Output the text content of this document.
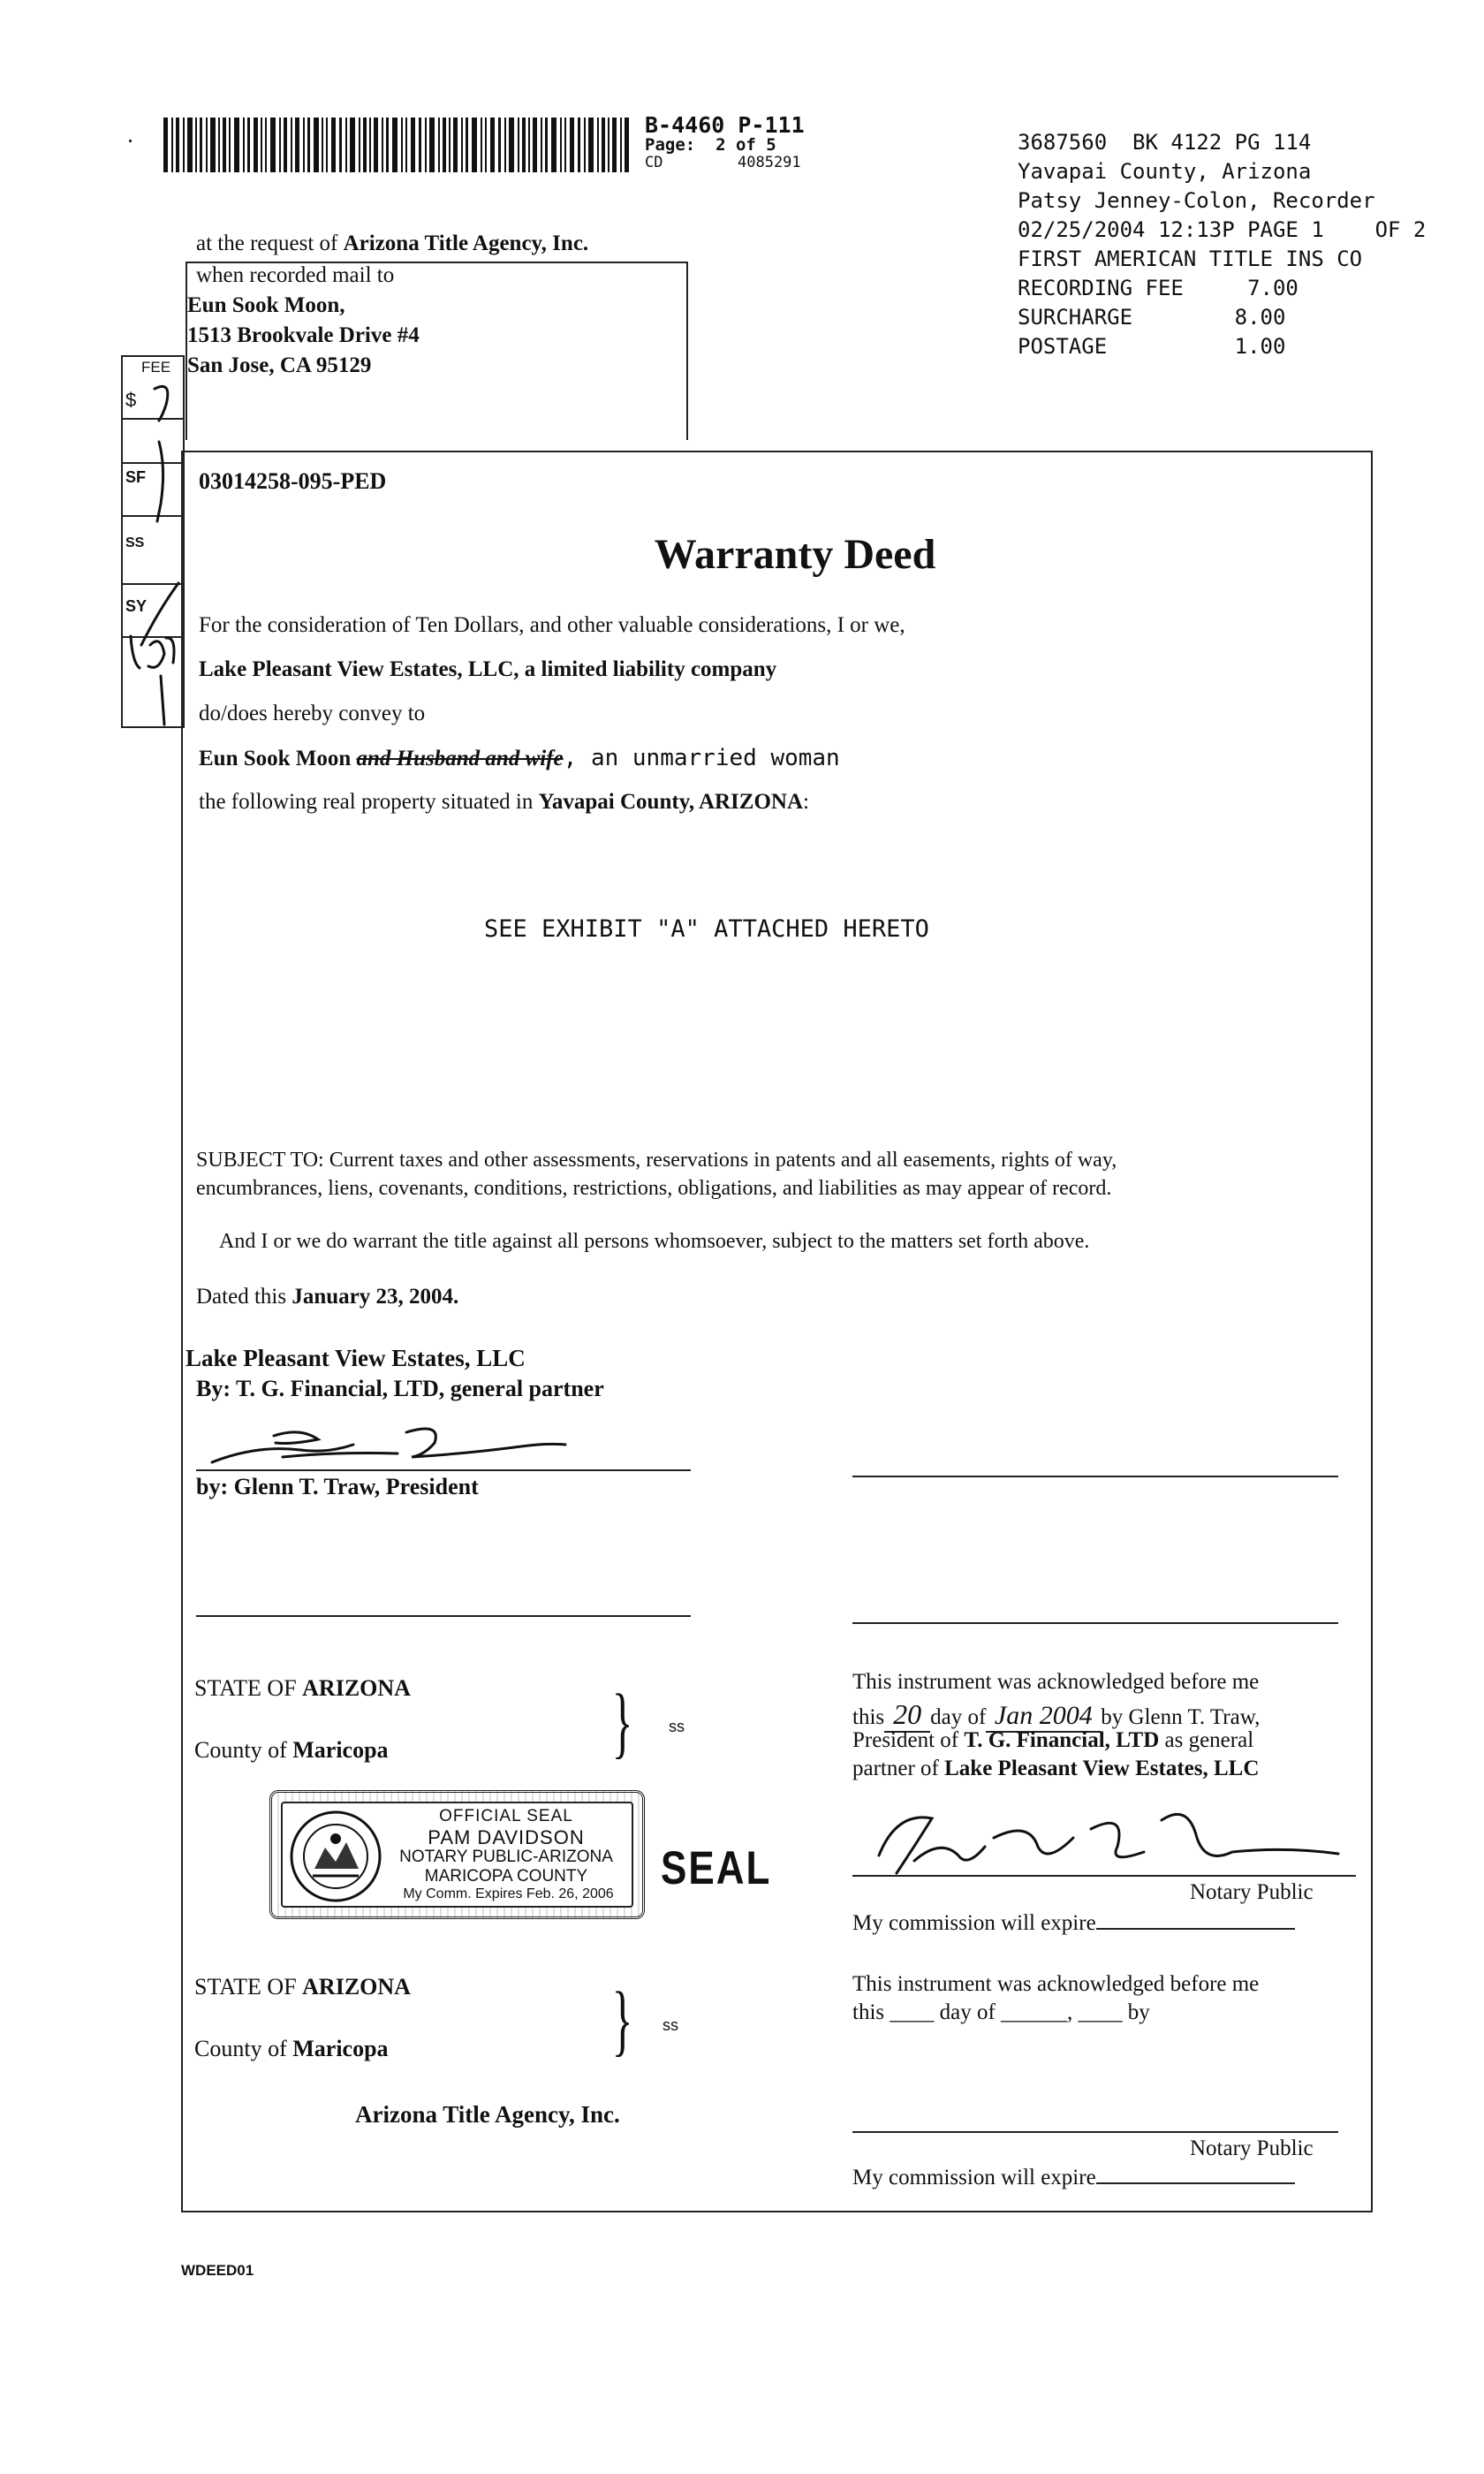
B-4460 P-111
Page:  2 of 5
CD	4085291
3687560  BK 4122 PG 114
Yavapai County, Arizona
Patsy Jenney-Colon, Recorder
02/25/2004 12:13P PAGE 1    OF 2
FIRST AMERICAN TITLE INS CO
RECORDING FEE     7.00
SURCHARGE        8.00
POSTAGE          1.00
at the request of Arizona Title Agency, Inc.
when recorded mail to
Eun Sook Moon,
1513 Brookvale Drive #4
San Jose, CA 95129
FEE
$
SF
SS
SY
03014258-095-PED
Warranty Deed
For the consideration of Ten Dollars, and other valuable considerations, I or we,
Lake Pleasant View Estates, LLC, a limited liability company
do/does hereby convey to
Eun Sook Moon and Husband and wife, an unmarried woman
the following real property situated in Yavapai County, ARIZONA:
SEE EXHIBIT "A" ATTACHED HERETO
SUBJECT TO: Current taxes and other assessments, reservations in patents and all easements, rights of way,
encumbrances, liens, covenants, conditions, restrictions, obligations, and liabilities as may appear of record.
And I or we do warrant the title against all persons whomsoever, subject to the matters set forth above.
Dated this January 23, 2004.
Lake Pleasant View Estates, LLC
By: T. G. Financial, LTD, general partner
by: Glenn T. Traw, President
STATE OF ARIZONA
County of Maricopa	} ss
This instrument was acknowledged before me
this 20 day of Jan 2004 by Glenn T. Traw,
President of T. G. Financial, LTD as general
partner of Lake Pleasant View Estates, LLC
Notary Public
My commission will expire
OFFICIAL SEAL
PAM DAVIDSON
NOTARY PUBLIC-ARIZONA
MARICOPA COUNTY
My Comm. Expires Feb. 26, 2006	SEAL
STATE OF ARIZONA
County of Maricopa	} ss
Arizona Title Agency, Inc.
This instrument was acknowledged before me
this ____ day of ______, ____ by
Notary Public
My commission will expire
WDEED01
